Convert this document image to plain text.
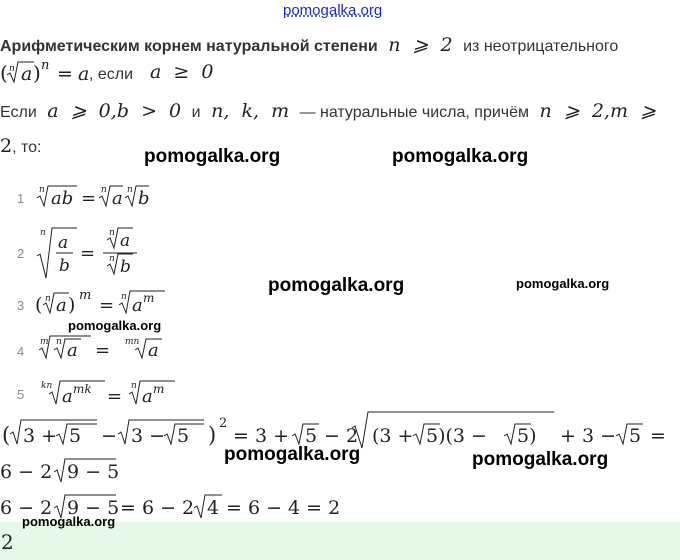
pomogalka.org
pomogalka.org	pomogalka.org
pomogalka.org	pomogalka.org
pomogalka.org
pomogalka.org	pomogalka.org
Арифметическим корнем натуральной степени  n  ⩾  2 из неотрицательного
( n a ) n = a , если a  ≥  0
Если  a  ⩾  0,b  >  0 и  n,  k,  m  — натуральные числа, причём  n  ⩾  2,m  ⩾
2, то:
1
2
3
4
5
n ab = n a n b
n a
b
=
n a
n b
( n a ) m = n a m
m n a = mn a
kn a mk = n a m
( 3 + 5 − 3 − 5 ) 2
= 3 + 5 − 2 (3 + 5)(3 − 5) + 3 − 5 =
6 − 2 9 − 5
6 − 2 9 − 5 = 6 − 2 4 = 6 − 4 = 2
pomogalka.org
2
